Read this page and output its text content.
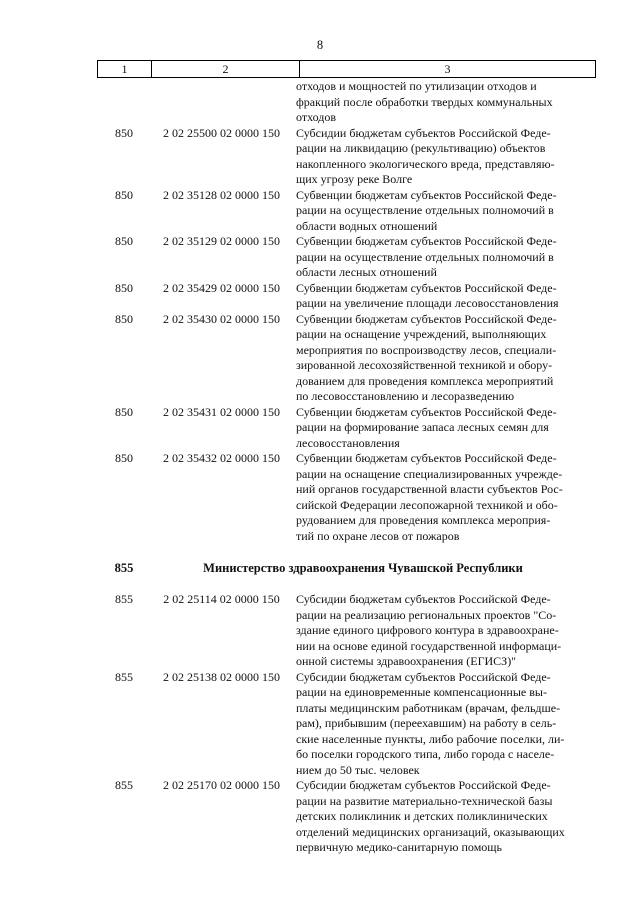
8
1	2	3
отходов и мощностей по утилизации отходов и
фракций после обработки твердых коммунальных
отходов
850	2 02 25500 02 0000 150	Субсидии бюджетам субъектов Российской Феде-
рации на ликвидацию (рекультивацию) объектов
накопленного экологического вреда, представляю-
щих угрозу реке Волге
850	2 02 35128 02 0000 150	Субвенции бюджетам субъектов Российской Феде-
рации на осуществление отдельных полномочий в
области водных отношений
850	2 02 35129 02 0000 150	Субвенции бюджетам субъектов Российской Феде-
рации на осуществление отдельных полномочий в
области лесных отношений
850	2 02 35429 02 0000 150	Субвенции бюджетам субъектов Российской Феде-
рации на увеличение площади лесовосстановления
850	2 02 35430 02 0000 150	Субвенции бюджетам субъектов Российской Феде-
рации на оснащение учреждений, выполняющих
мероприятия по воспроизводству лесов, специали-
зированной лесохозяйственной техникой и обору-
дованием для проведения комплекса мероприятий
по лесовосстановлению и лесоразведению
850	2 02 35431 02 0000 150	Субвенции бюджетам субъектов Российской Феде-
рации на формирование запаса лесных семян для
лесовосстановления
850	2 02 35432 02 0000 150	Субвенции бюджетам субъектов Российской Феде-
рации на оснащение специализированных учрежде-
ний органов государственной власти субъектов Рос-
сийской Федерации лесопожарной техникой и обо-
рудованием для проведения комплекса мероприя-
тий по охране лесов от пожаров
855	Министерство здравоохранения Чувашской Республики
855	2 02 25114 02 0000 150	Субсидии бюджетам субъектов Российской Феде-
рации на реализацию региональных проектов "Со-
здание единого цифрового контура в здравоохране-
нии на основе единой государственной информаци-
онной системы здравоохранения (ЕГИСЗ)"
855	2 02 25138 02 0000 150	Субсидии бюджетам субъектов Российской Феде-
рации на единовременные компенсационные вы-
платы медицинским работникам (врачам, фельдше-
рам), прибывшим (переехавшим) на работу в сель-
ские населенные пункты, либо рабочие поселки, ли-
бо поселки городского типа, либо города с населе-
нием до 50 тыс. человек
855	2 02 25170 02 0000 150	Субсидии бюджетам субъектов Российской Феде-
рации на развитие материально-технической базы
детских поликлиник и детских поликлинических
отделений медицинских организаций, оказывающих
первичную медико-санитарную помощь
